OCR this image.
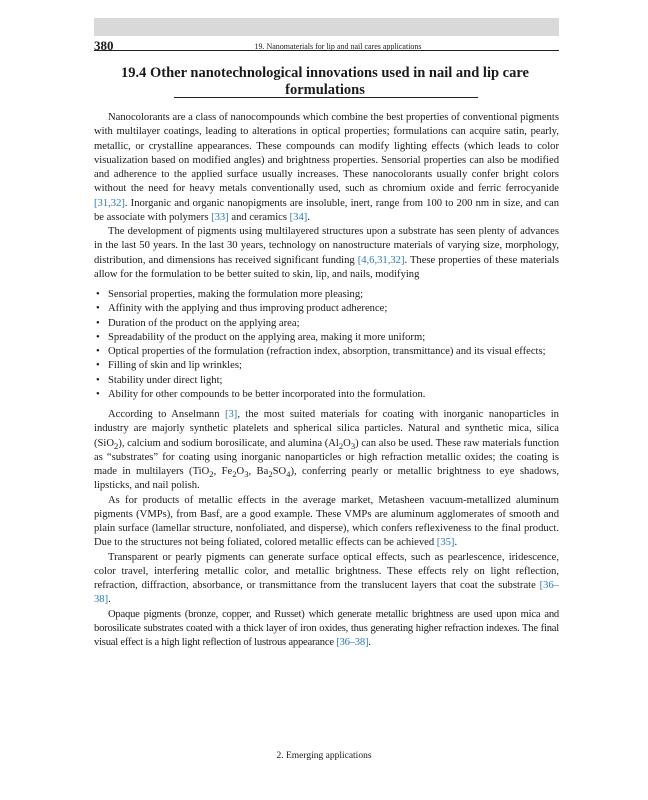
380	19. Nanomaterials for lip and nail cares applications
19.4 Other nanotechnological innovations used in nail and lip care
formulations

Nanocolorants are a class of nanocompounds which combine the best properties of conventional pigments with multilayer coatings, leading to alterations in optical properties; formulations can acquire satin, pearly, metallic, or crystalline appearances. These compounds can modify lighting effects (which leads to color visualization based on modified angles) and brightness properties. Sensorial properties can also be modified and adherence to the applied surface usually increases. These nanocolorants usually confer bright colors without the need for heavy metals conventionally used, such as chromium oxide and ferric ferrocyanide [31,32]. Inorganic and organic nanopigments are insoluble, inert, range from 100 to 200 nm in size, and can be associate with polymers [33] and ceramics [34].

The development of pigments using multilayered structures upon a substrate has seen plenty of advances in the last 50 years. In the last 30 years, technology on nanostructure materials of varying size, morphology, distribution, and dimensions has received significant funding [4,6,31,32]. These properties of these materials allow for the formulation to be better suited to skin, lip, and nails, modifying

• Sensorial properties, making the formulation more pleasing;
• Affinity with the applying and thus improving product adherence;
• Duration of the product on the applying area;
• Spreadability of the product on the applying area, making it more uniform;
• Optical properties of the formulation (refraction index, absorption, transmittance) and its visual effects;
• Filling of skin and lip wrinkles;
• Stability under direct light;
• Ability for other compounds to be better incorporated into the formulation.

According to Anselmann [3], the most suited materials for coating with inorganic nanoparticles in industry are majorly synthetic platelets and spherical silica particles. Natural and synthetic mica, silica (SiO$_2$), calcium and sodium borosilicate, and alumina $(Al_2O_3)$ can also be used. These raw materials function as “substrates” for coating using inorganic nanoparticles or high refraction metallic oxides; the coating is made in multilayers (TiO$_2$, $Fe_2O_3$, $Ba_2SO_4$), conferring pearly or metallic brightness to eye shadows, lipsticks, and nail polish.

As for products of metallic effects in the average market, Metasheen vacuum-metallized aluminum pigments (VMPs), from Basf, are a good example. These VMPs are aluminum agglomerates of smooth and plain surface (lamellar structure, nonfoliated, and disperse), which confers reflexiveness to the final product. Due to the structures not being foliated, colored metallic effects can be achieved [35].

Transparent or pearly pigments can generate surface optical effects, such as pearlescence, iridescence, color travel, interfering metallic color, and metallic brightness. These effects rely on light reflection, refraction, diffraction, absorbance, or transmittance from the translucent layers that coat the substrate [36–38].

Opaque pigments (bronze, copper, and Russet) which generate metallic brightness are used upon mica and borosilicate substrates coated with a thick layer of iron oxides, thus generating higher refraction indexes. The final visual effect is a high light reflection of lustrous appearance [36–38].

2. Emerging applications
